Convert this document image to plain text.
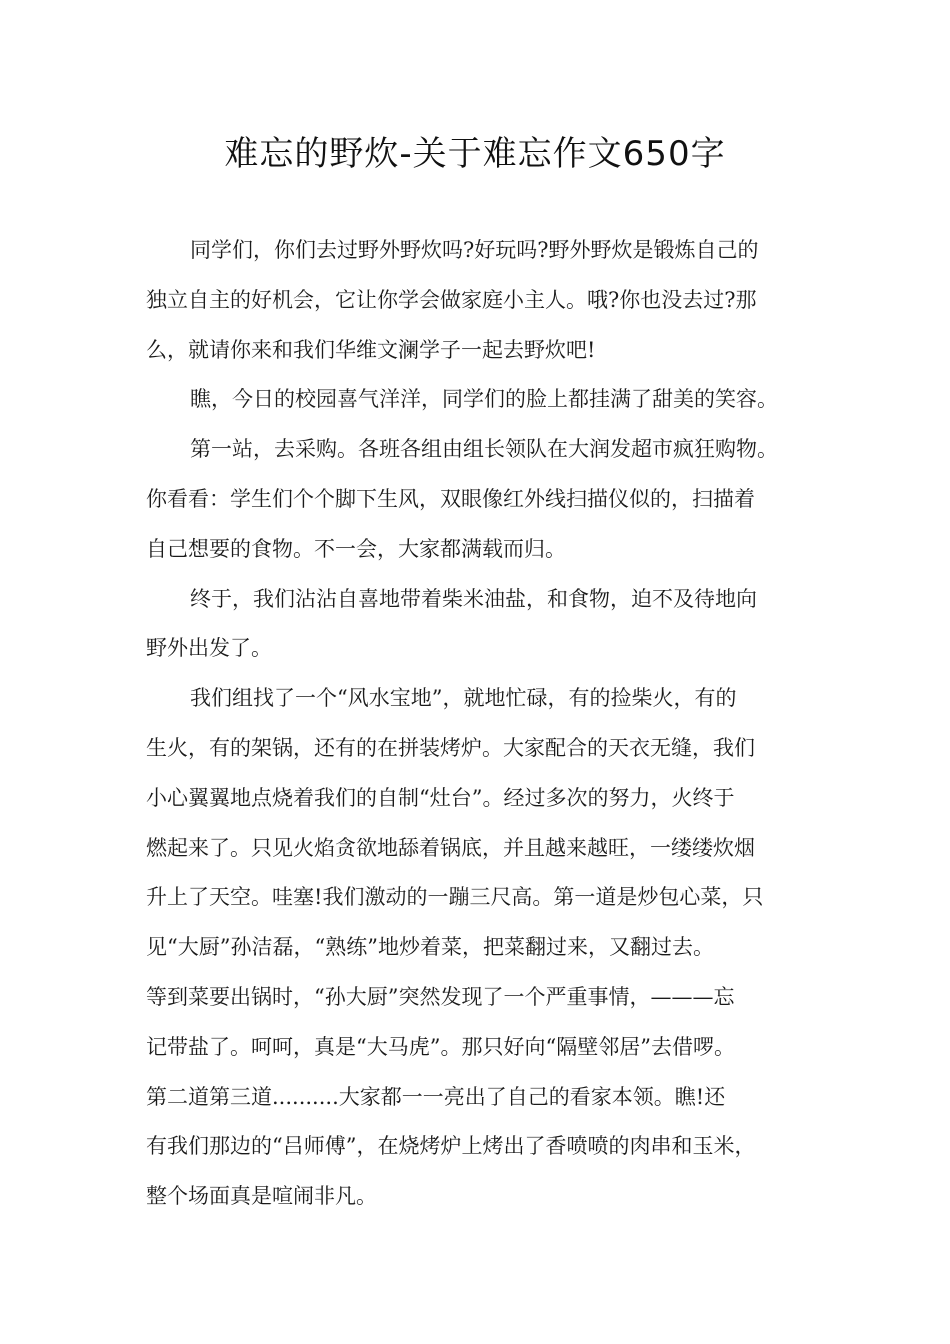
难忘的野炊-关于难忘作文650字
同学们，你们去过野外野炊吗?好玩吗?野外野炊是锻炼自己的
独立自主的好机会，它让你学会做家庭小主人。哦?你也没去过?那
么，就请你来和我们华维文澜学子一起去野炊吧!
瞧，今日的校园喜气洋洋，同学们的脸上都挂满了甜美的笑容。
第一站，去采购。各班各组由组长领队在大润发超市疯狂购物。
你看看：学生们个个脚下生风，双眼像红外线扫描仪似的，扫描着
自己想要的食物。不一会，大家都满载而归。
终于，我们沾沾自喜地带着柴米油盐，和食物，迫不及待地向
野外出发了。
我们组找了一个“风水宝地”，就地忙碌，有的捡柴火，有的
生火，有的架锅，还有的在拼装烤炉。大家配合的天衣无缝，我们
小心翼翼地点烧着我们的自制“灶台”。经过多次的努力，火终于
燃起来了。只见火焰贪欲地舔着锅底，并且越来越旺，一缕缕炊烟
升上了天空。哇塞!我们激动的一蹦三尺高。第一道是炒包心菜，只
见“大厨”孙洁磊，“熟练”地炒着菜，把菜翻过来，又翻过去。
等到菜要出锅时，“孙大厨”突然发现了一个严重事情，———忘
记带盐了。呵呵，真是“大马虎”。那只好向“隔壁邻居”去借啰。
第二道第三道..........大家都一一亮出了自己的看家本领。瞧!还
有我们那边的“吕师傅”，在烧烤炉上烤出了香喷喷的肉串和玉米，
整个场面真是喧闹非凡。
